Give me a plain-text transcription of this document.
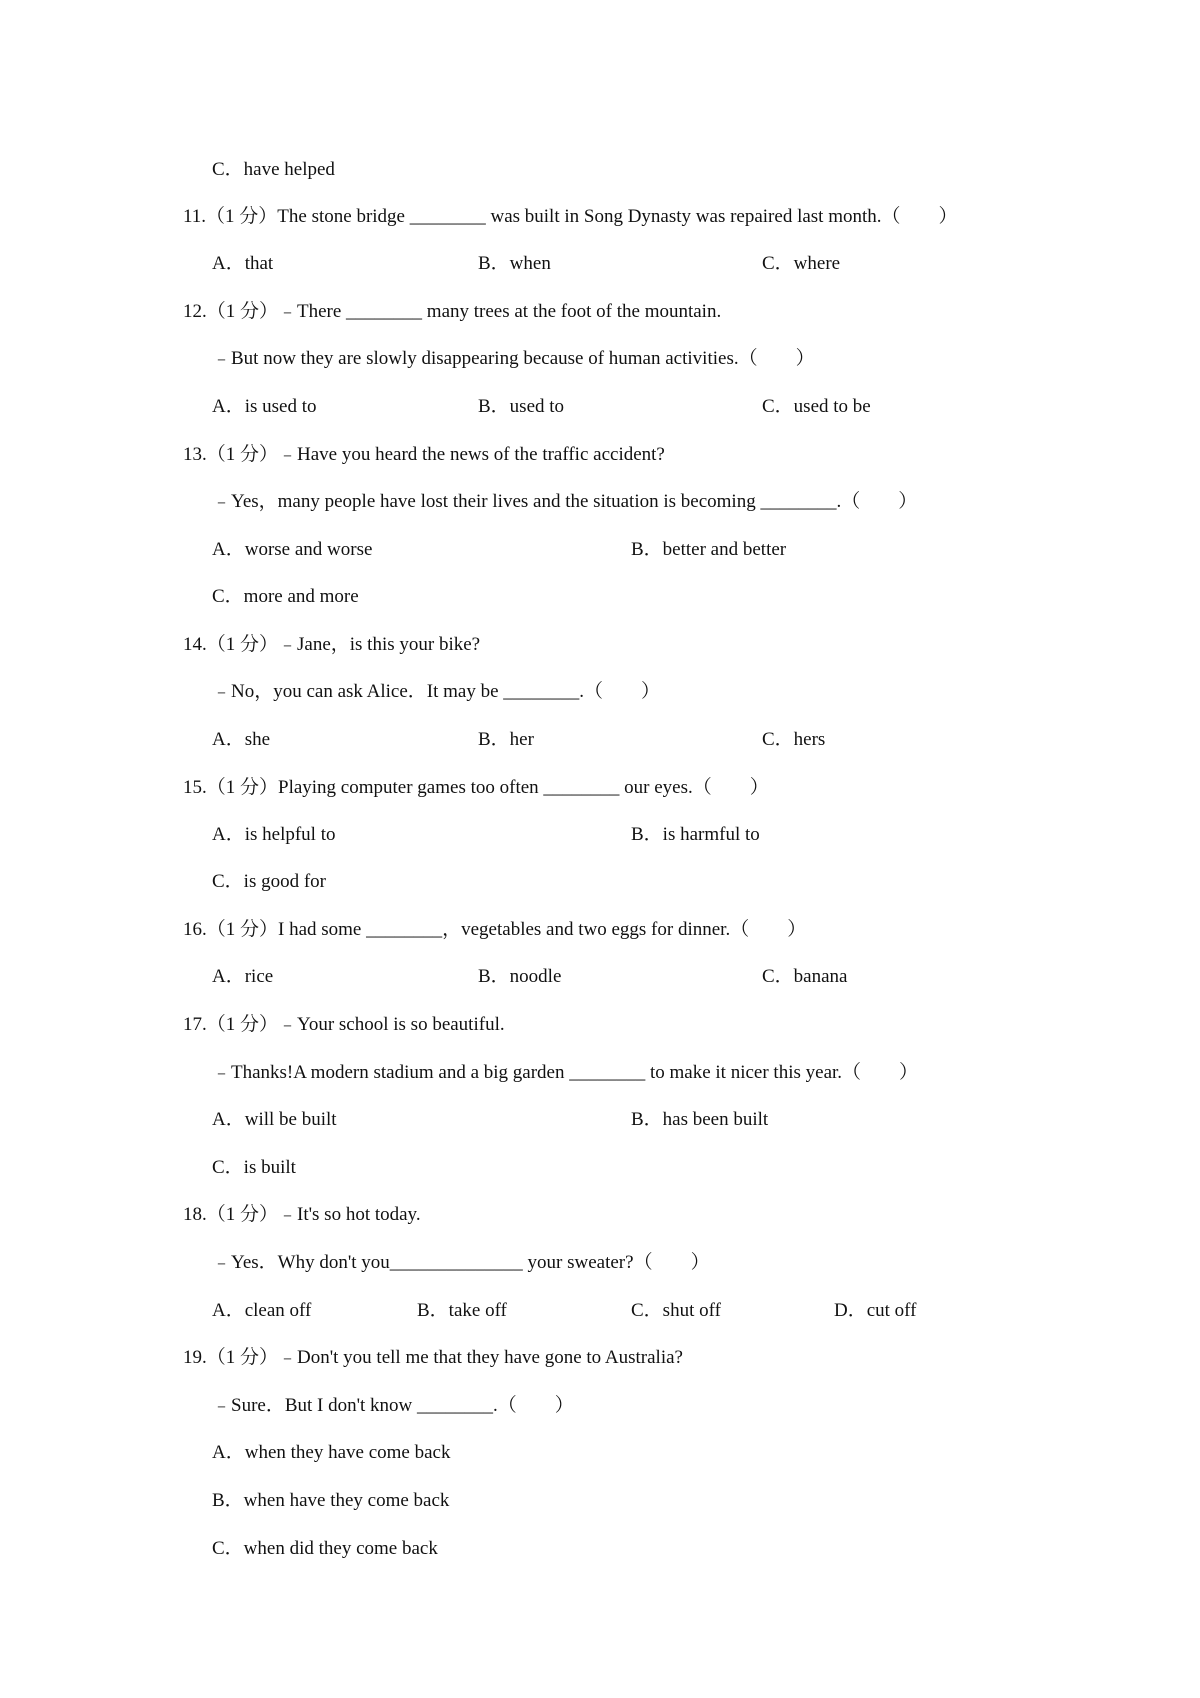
C．have helped
11.（1 分）The stone bridge ________ was built in Song Dynasty was repaired last month.（　　）
A．that	B．when	C．where
12.（1 分）﹣There ________ many trees at the foot of the mountain.
﹣But now they are slowly disappearing because of human activities.（　　）
A．is used to	B．used to	C．used to be
13.（1 分）﹣Have you heard the news of the traffic accident?
﹣Yes，many people have lost their lives and the situation is becoming ________.（　　）
A．worse and worse	B．better and better
C．more and more
14.（1 分）﹣Jane，is this your bike?
﹣No，you can ask Alice．It may be ________.（　　）
A．she	B．her	C．hers
15.（1 分）Playing computer games too often ________ our eyes.（　　）
A．is helpful to	B．is harmful to
C．is good for
16.（1 分）I had some ________，vegetables and two eggs for dinner.（　　）
A．rice	B．noodle	C．banana
17.（1 分）﹣Your school is so beautiful.
﹣Thanks!A modern stadium and a big garden ________ to make it nicer this year.（　　）
A．will be built	B．has been built
C．is built
18.（1 分）﹣It's so hot today.
﹣Yes．Why don't you______________ your sweater?（　　）
A．clean off	B．take off	C．shut off	D．cut off
19.（1 分）﹣Don't you tell me that they have gone to Australia?
﹣Sure．But I don't know ________.（　　）
A．when they have come back
B．when have they come back
C．when did they come back
